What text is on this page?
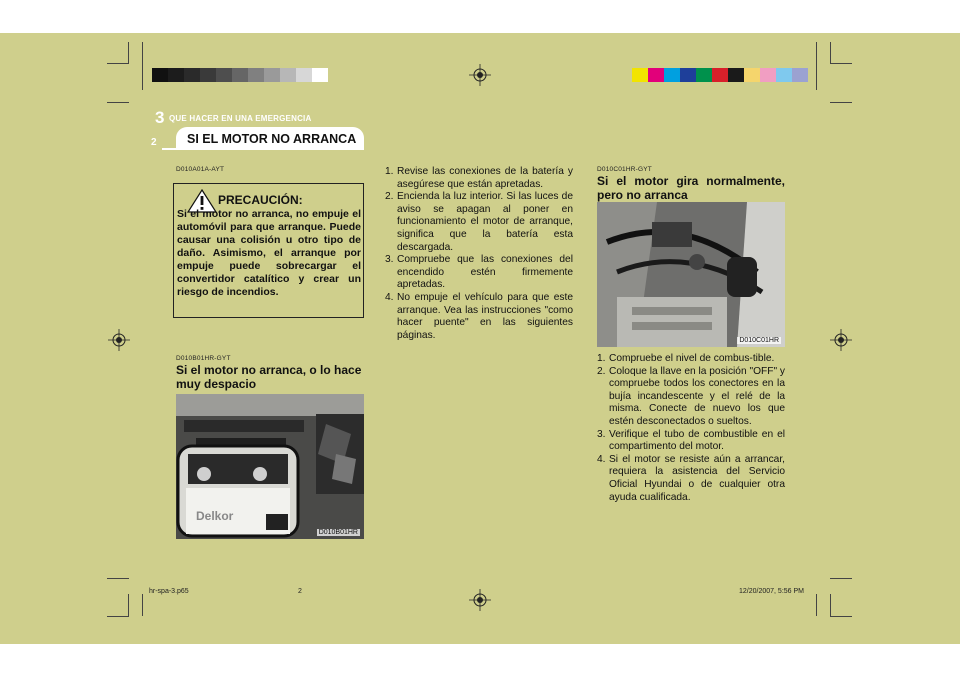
3 QUE HACER EN UNA EMERGENCIA
SI EL MOTOR NO ARRANCA
2
D010A01A-AYT
PRECAUCIÓN:
Si el motor no arranca, no empuje el automóvil para que arranque. Puede causar una colisión u otro tipo de daño. Asimismo, el arranque por empuje puede sobrecargar el convertidor catalítico y crear un riesgo de incendios.
D010B01HR-GYT
Si el motor no arranca, o lo hace muy despacio
Delkor
D010B01HR
1. Revise las conexiones de la batería y asegúrese que están apretadas.
2. Encienda la luz interior. Si las luces de aviso se apagan al poner en funcionamiento el motor de arranque, significa que la batería esta descargada.
3. Compruebe que las conexiones del encendido estén firmemente apretadas.
4. No empuje el vehículo para que este arranque. Vea las instrucciones "como hacer puente" en las siguientes páginas.
D010C01HR-GYT
Si el motor gira normalmente, pero no arranca
D010C01HR
1. Compruebe el nivel de combus-tible.
2. Coloque la llave en la posición "OFF" y compruebe todos los conectores en la bujía incandescente y el relé de la misma. Conecte de nuevo los que estén desconectados o sueltos.
3. Verifique el tubo de combustible en el compartimento del motor.
4. Si el motor se resiste aún a arrancar, requiera la asistencia del Servicio Oficial Hyundai o de cualquier otra ayuda cualificada.
hr-spa-3.p65	2	12/20/2007, 5:56 PM
